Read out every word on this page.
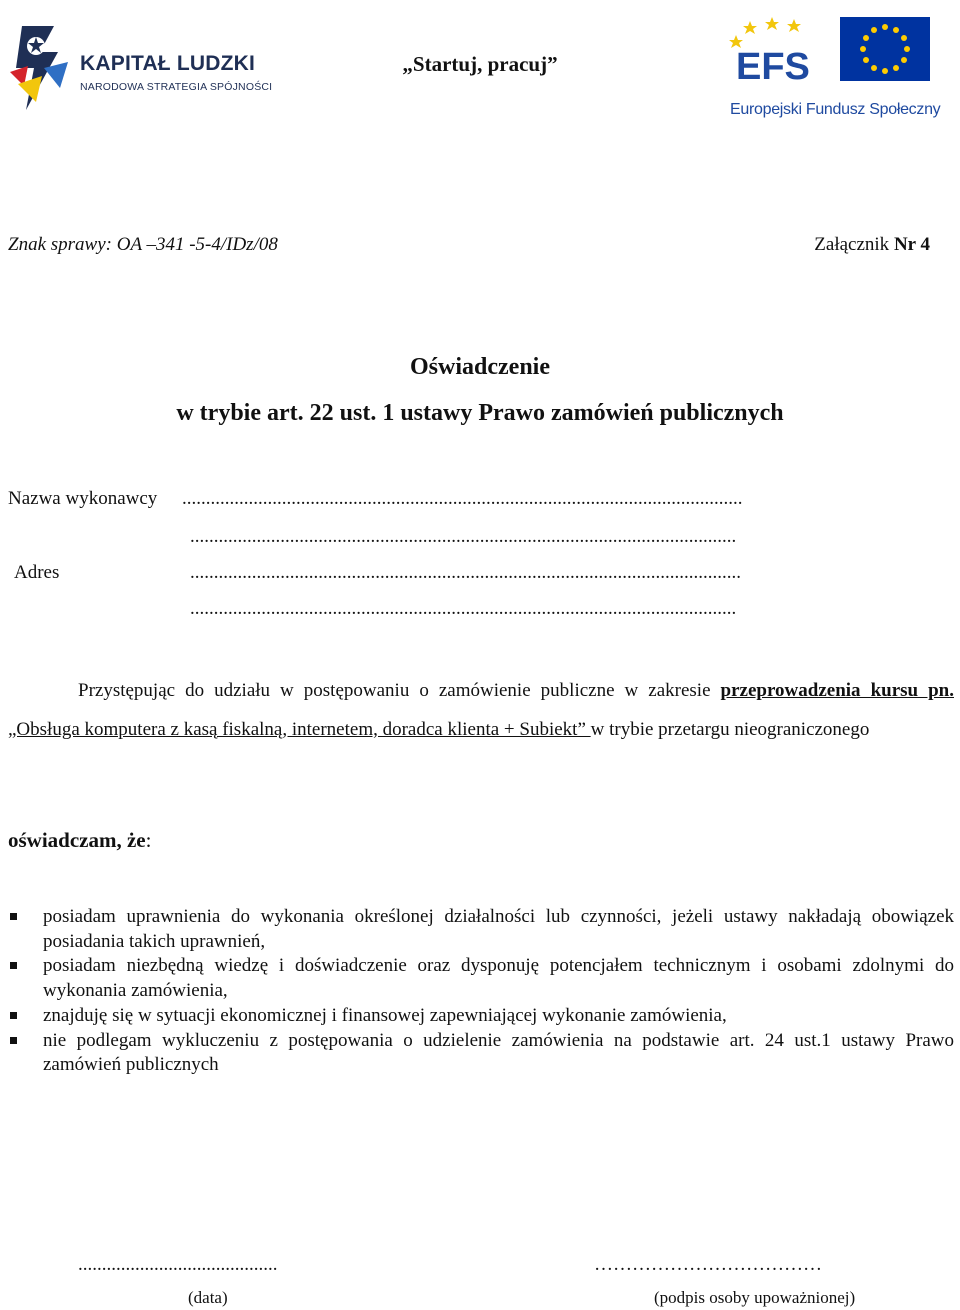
KAPITAŁ LUDZKI
NARODOWA STRATEGIA SPÓJNOŚCI
„Startuj, pracuj”	EFS
Europejski Fundusz Społeczny
Znak sprawy: OA –341 -5-4/IDz/08	Załącznik Nr 4
Oświadczenie
w trybie art. 22 ust. 1 ustawy Prawo zamówień publicznych
Nazwa wykonawcy ......................................................................................................................
...................................................................................................................
Adres	....................................................................................................................
...................................................................................................................

Przystępując do udziału w postępowaniu o zamówienie publiczne w zakresie przeprowadzenia kursu pn. „Obsługa komputera z kasą fiskalną, internetem, doradca klienta + Subiekt” w trybie przetargu nieograniczonego

oświadczam, że:
posiadam uprawnienia do wykonania określonej działalności lub czynności, jeżeli ustawy nakładają obowiązek posiadania takich uprawnień,
posiadam niezbędną wiedzę i doświadczenie oraz dysponuję potencjałem technicznym i osobami zdolnymi do wykonania zamówienia,
znajduję się w sytuacji ekonomicznej i finansowej zapewniającej wykonanie zamówienia,
nie podlegam wykluczeniu z postępowania o udzielenie zamówienia na podstawie art. 24 ust.1 ustawy Prawo zamówień publicznych
..........................................	………………………………
(data)	(podpis osoby upoważnionej)
